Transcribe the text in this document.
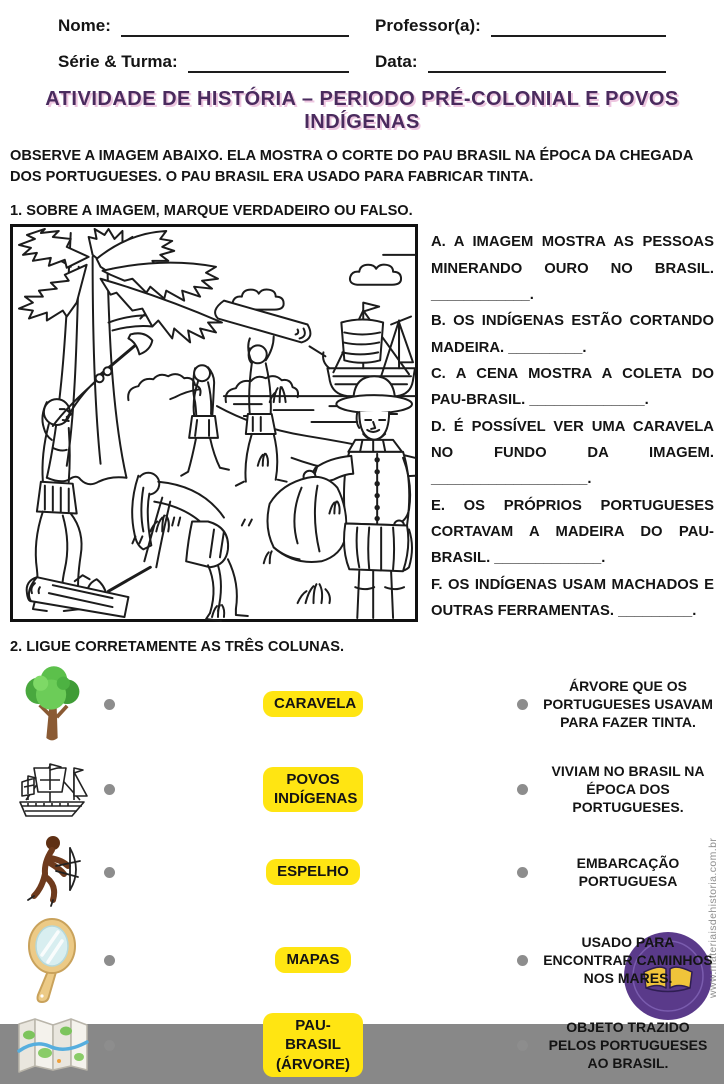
Nome:	Professor(a):
Série & Turma:	Data:
ATIVIDADE DE HISTÓRIA – PERIODO PRÉ-COLONIAL E POVOS INDÍGENAS

OBSERVE A IMAGEM ABAIXO. ELA MOSTRA O CORTE DO PAU BRASIL NA ÉPOCA DA CHEGADA DOS PORTUGUESES. O PAU BRASIL ERA USADO PARA FABRICAR TINTA.

1. SOBRE A IMAGEM, MARQUE VERDADEIRO OU FALSO.

A. A IMAGEM MOSTRA AS PESSOAS MINERANDO OURO NO BRASIL. ____________.

B. OS INDÍGENAS ESTÃO CORTANDO MADEIRA. _________.

C. A CENA MOSTRA A COLETA DO PAU-BRASIL. ______________.

D. É POSSÍVEL VER UMA CARAVELA NO FUNDO DA IMAGEM. ___________________.

E. OS PRÓPRIOS PORTUGUESES CORTAVAM A MADEIRA DO PAU-BRASIL. _____________.

F. OS INDÍGENAS USAM MACHADOS E OUTRAS FERRAMENTAS. _________.

2. LIGUE CORRETAMENTE AS TRÊS COLUNAS.

CARAVELA
ÁRVORE QUE OS PORTUGUESES USAVAM PARA FAZER TINTA.
POVOS INDÍGENAS
VIVIAM NO BRASIL NA ÉPOCA DOS PORTUGUESES.
ESPELHO
EMBARCAÇÃO PORTUGUESA
MAPAS
USADO PARA ENCONTRAR CAMINHOS NOS MARES.
PAU-BRASIL (ÁRVORE)
OBJETO TRAZIDO PELOS PORTUGUESES AO BRASIL.
www.materiaisdehistoria.com.br
